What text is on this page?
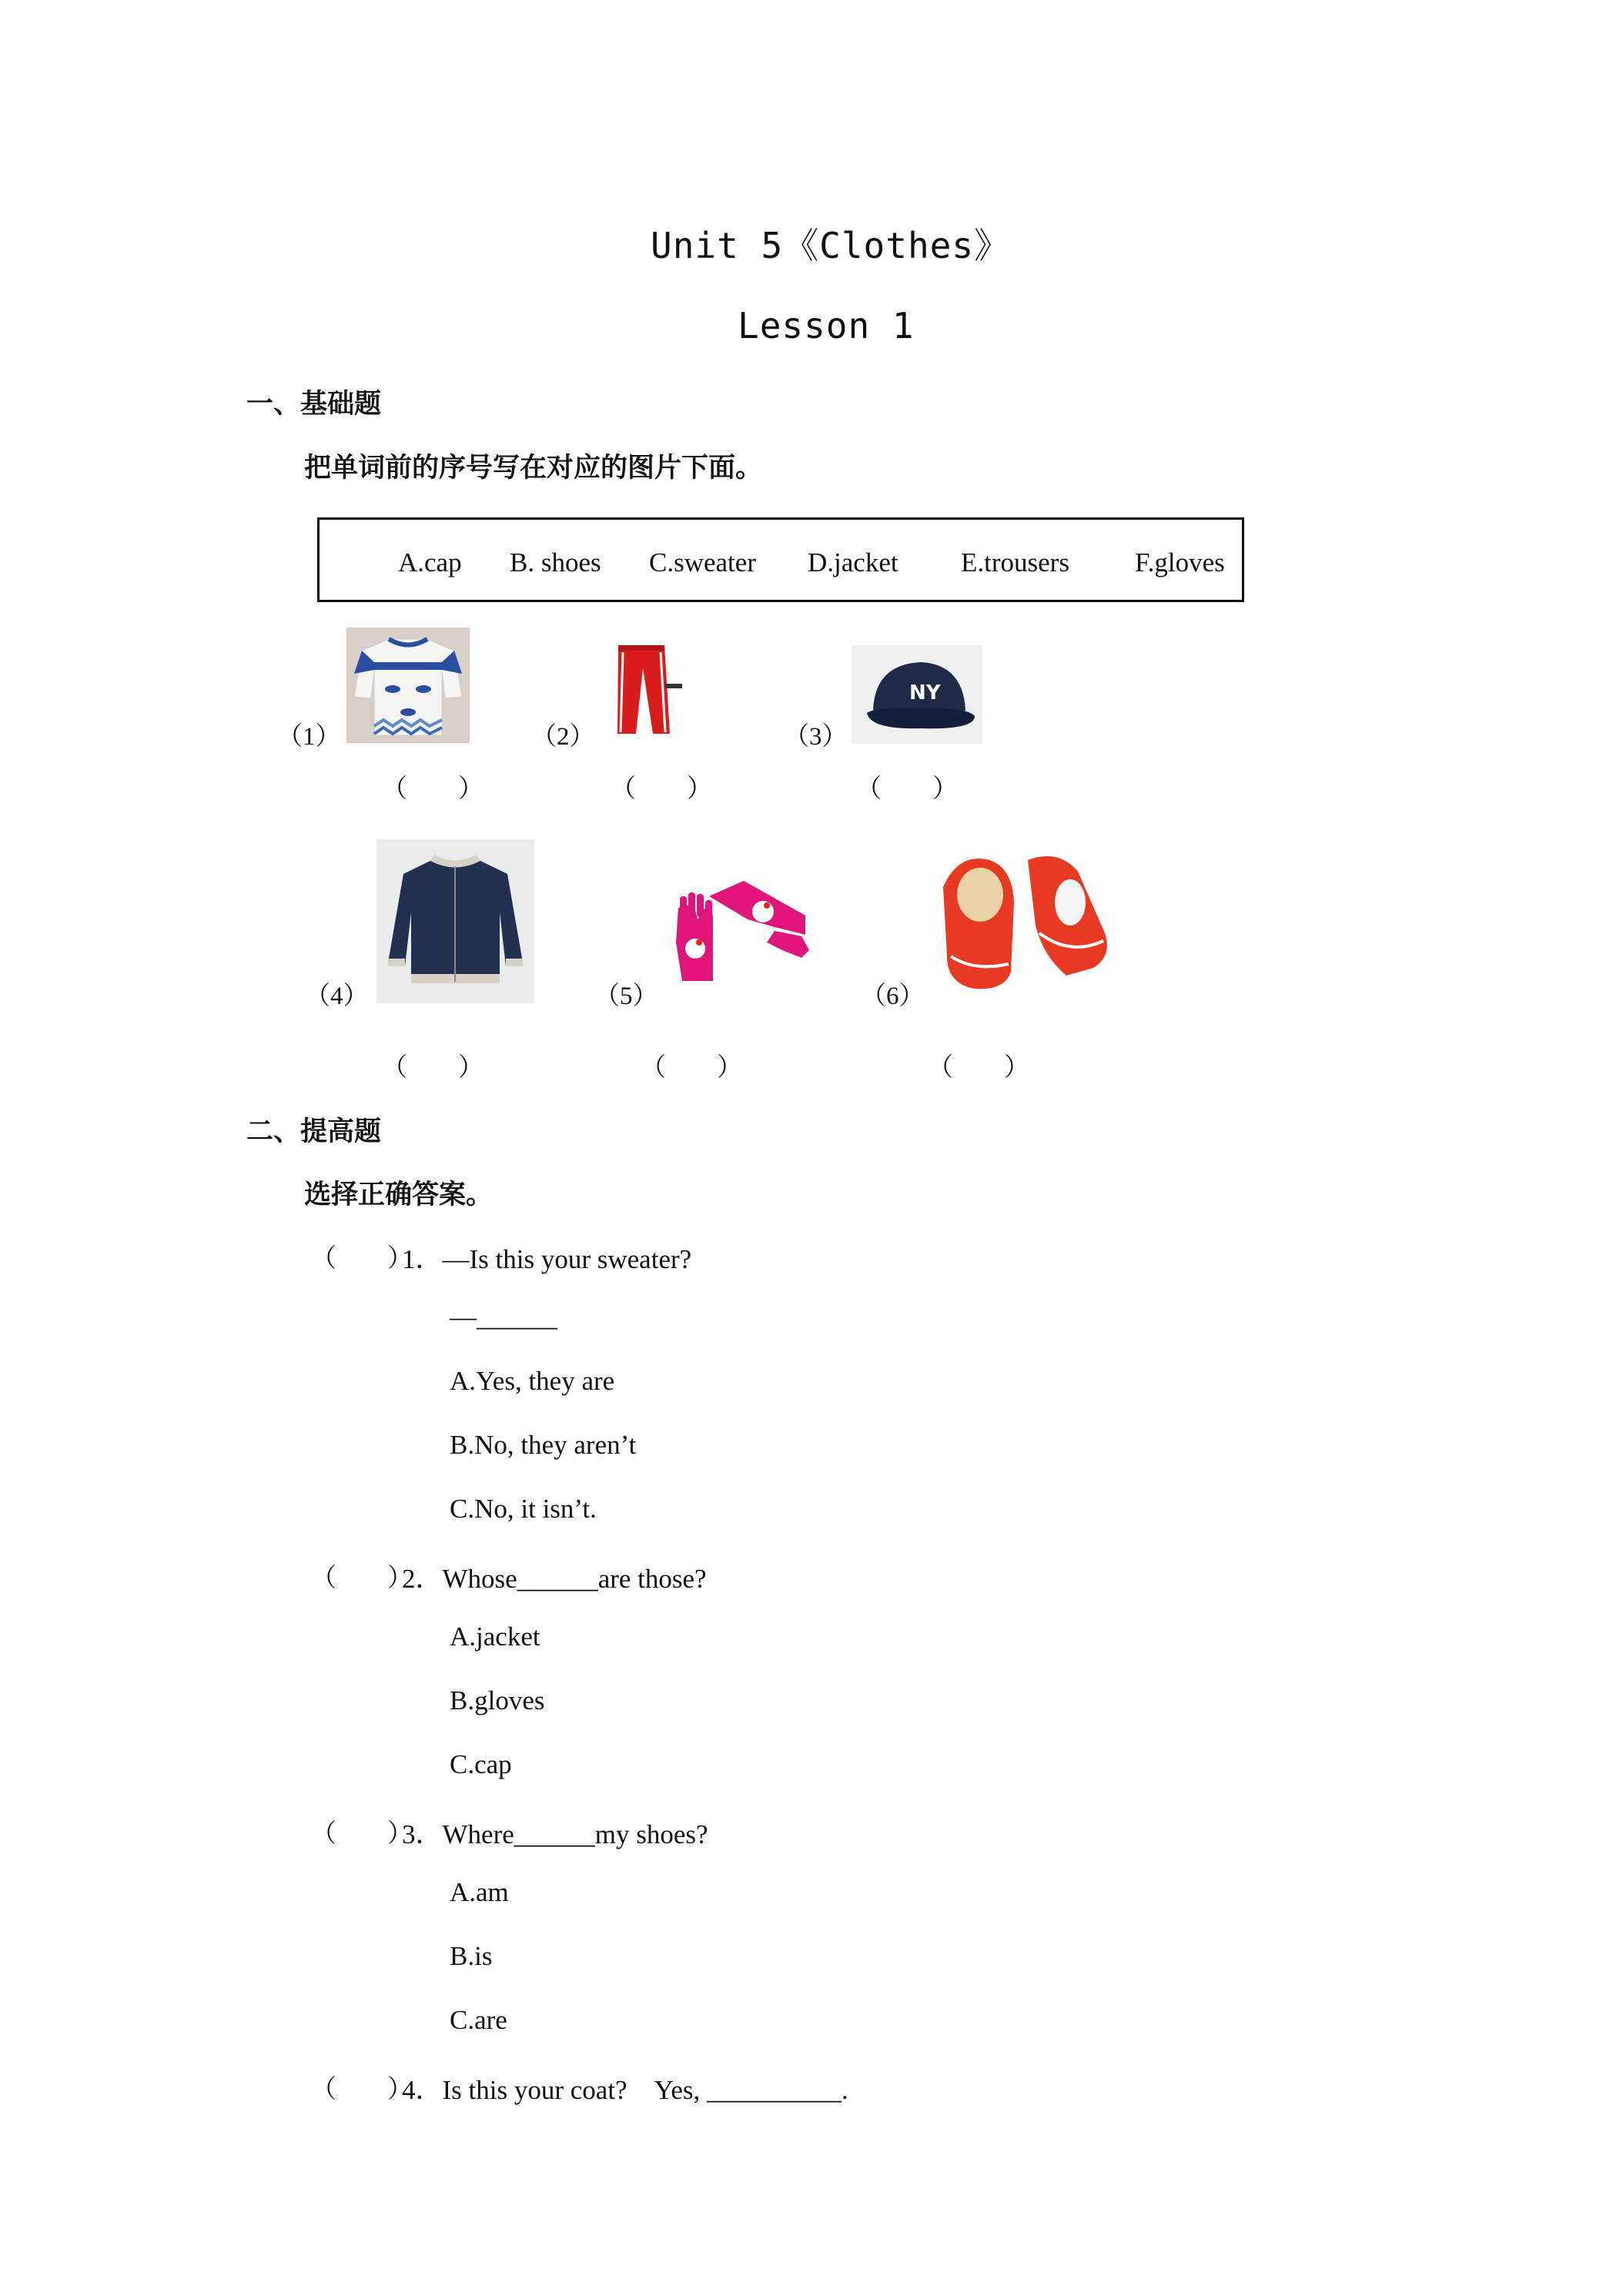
Unit 5《Clothes》
Lesson 1
一、基础题
把单词前的序号写在对应的图片下面。
A.cap B. shoes C.sweater D.jacket E.trousers F.gloves
（1）	（2）	（3）
NY
（　　）	（　　）	（　　）
（4）	（5）	（6）
（　　）	（　　）	（　　）
二、提高题
选择正确答案。
（　　）
1．—Is this your sweater?
—______
A.Yes, they are
B.No, they aren’t
C.No, it isn’t.
（　　）
2．Whose______are those?
A.jacket
B.gloves
C.cap
（　　）
3．Where______my shoes?
A.am
B.is
C.are
（　　）
4．Is this your coat?　Yes, __________.
